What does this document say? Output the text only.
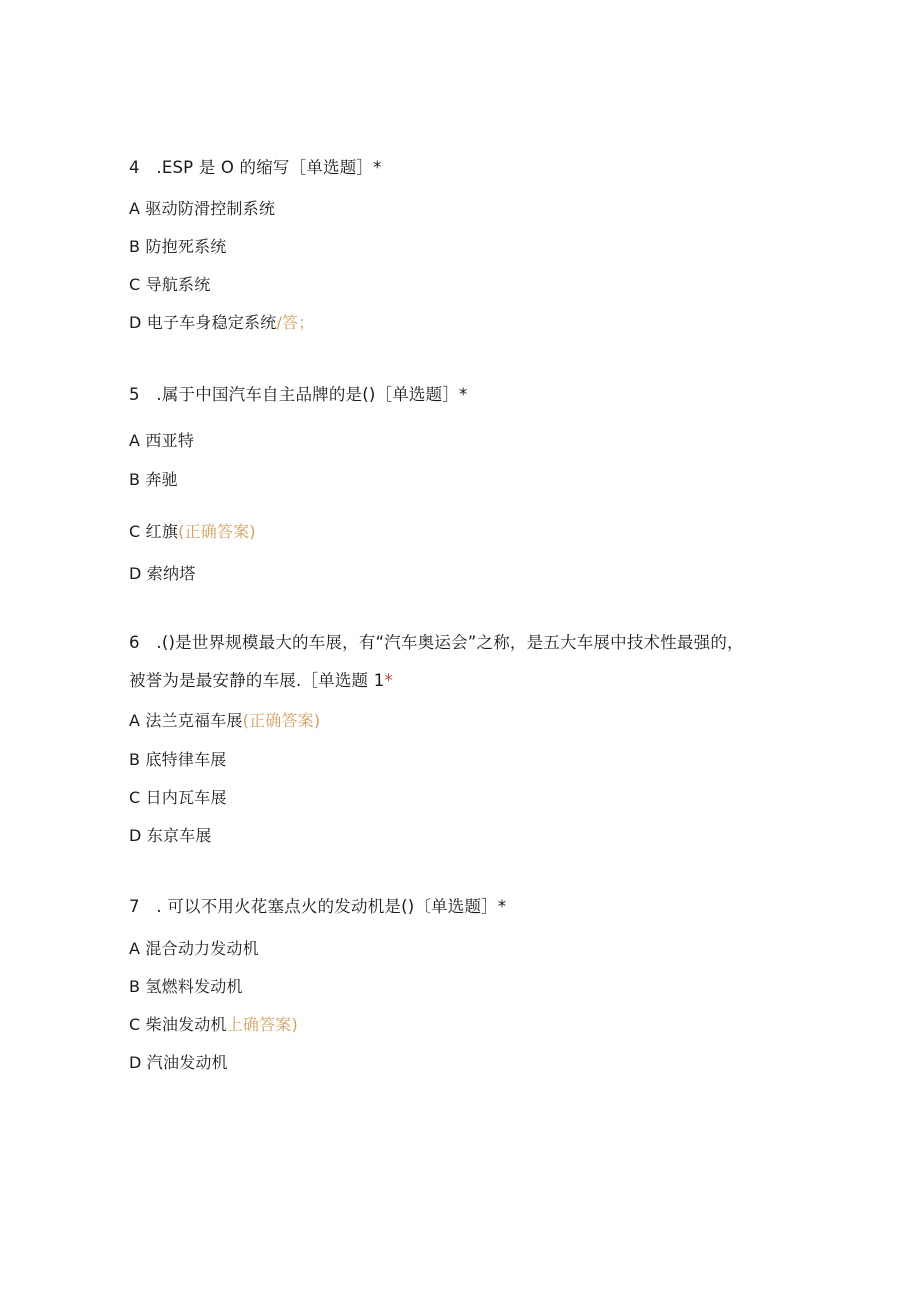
4　.ESP 是 O 的缩写［单选题］*
A 驱动防滑控制系统
B 防抱死系统
C 导航系统
D 电子车身稳定系统/答；
5　.属于中国汽车自主品牌的是()［单选题］*
A 西亚特
B 奔驰
C 红旗(正确答案)
D 索纳塔
6　.()是世界规模最大的车展，有“汽车奥运会”之称，是五大车展中技术性最强的，
被誉为是最安静的车展.［单选题 1*
A 法兰克福车展(正确答案)
B 底特律车展
C 日内瓦车展
D 东京车展
7　. 可以不用火花塞点火的发动机是()〔单选题］*
A 混合动力发动机
B 氢燃料发动机
C 柴油发动机上确答案)
D 汽油发动机
